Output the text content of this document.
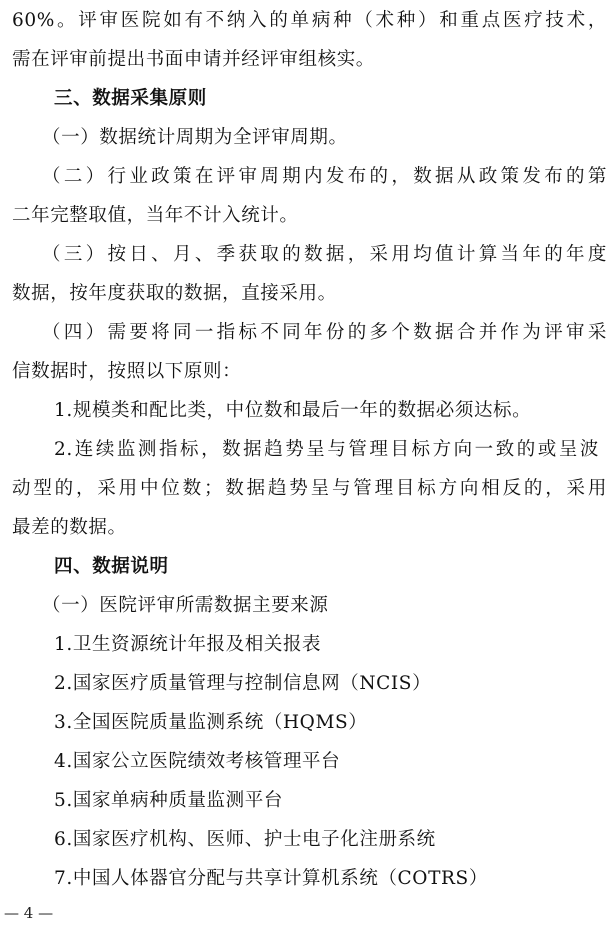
60%。评审医院如有不纳入的单病种（术种）和重点医疗技术，
需在评审前提出书面申请并经评审组核实。
三、数据采集原则
（一）数据统计周期为全评审周期。
（二）行业政策在评审周期内发布的，数据从政策发布的第
二年完整取值，当年不计入统计。
（三）按日、月、季获取的数据，采用均值计算当年的年度
数据，按年度获取的数据，直接采用。
（四）需要将同一指标不同年份的多个数据合并作为评审采
信数据时，按照以下原则：
1.规模类和配比类，中位数和最后一年的数据必须达标。
2.连续监测指标，数据趋势呈与管理目标方向一致的或呈波
动型的，采用中位数；数据趋势呈与管理目标方向相反的，采用
最差的数据。
四、数据说明
（一）医院评审所需数据主要来源
1.卫生资源统计年报及相关报表
2.国家医疗质量管理与控制信息网（NCIS）
3.全国医院质量监测系统（HQMS）
4.国家公立医院绩效考核管理平台
5.国家单病种质量监测平台
6.国家医疗机构、医师、护士电子化注册系统
7.中国人体器官分配与共享计算机系统（COTRS）
— 4 —
